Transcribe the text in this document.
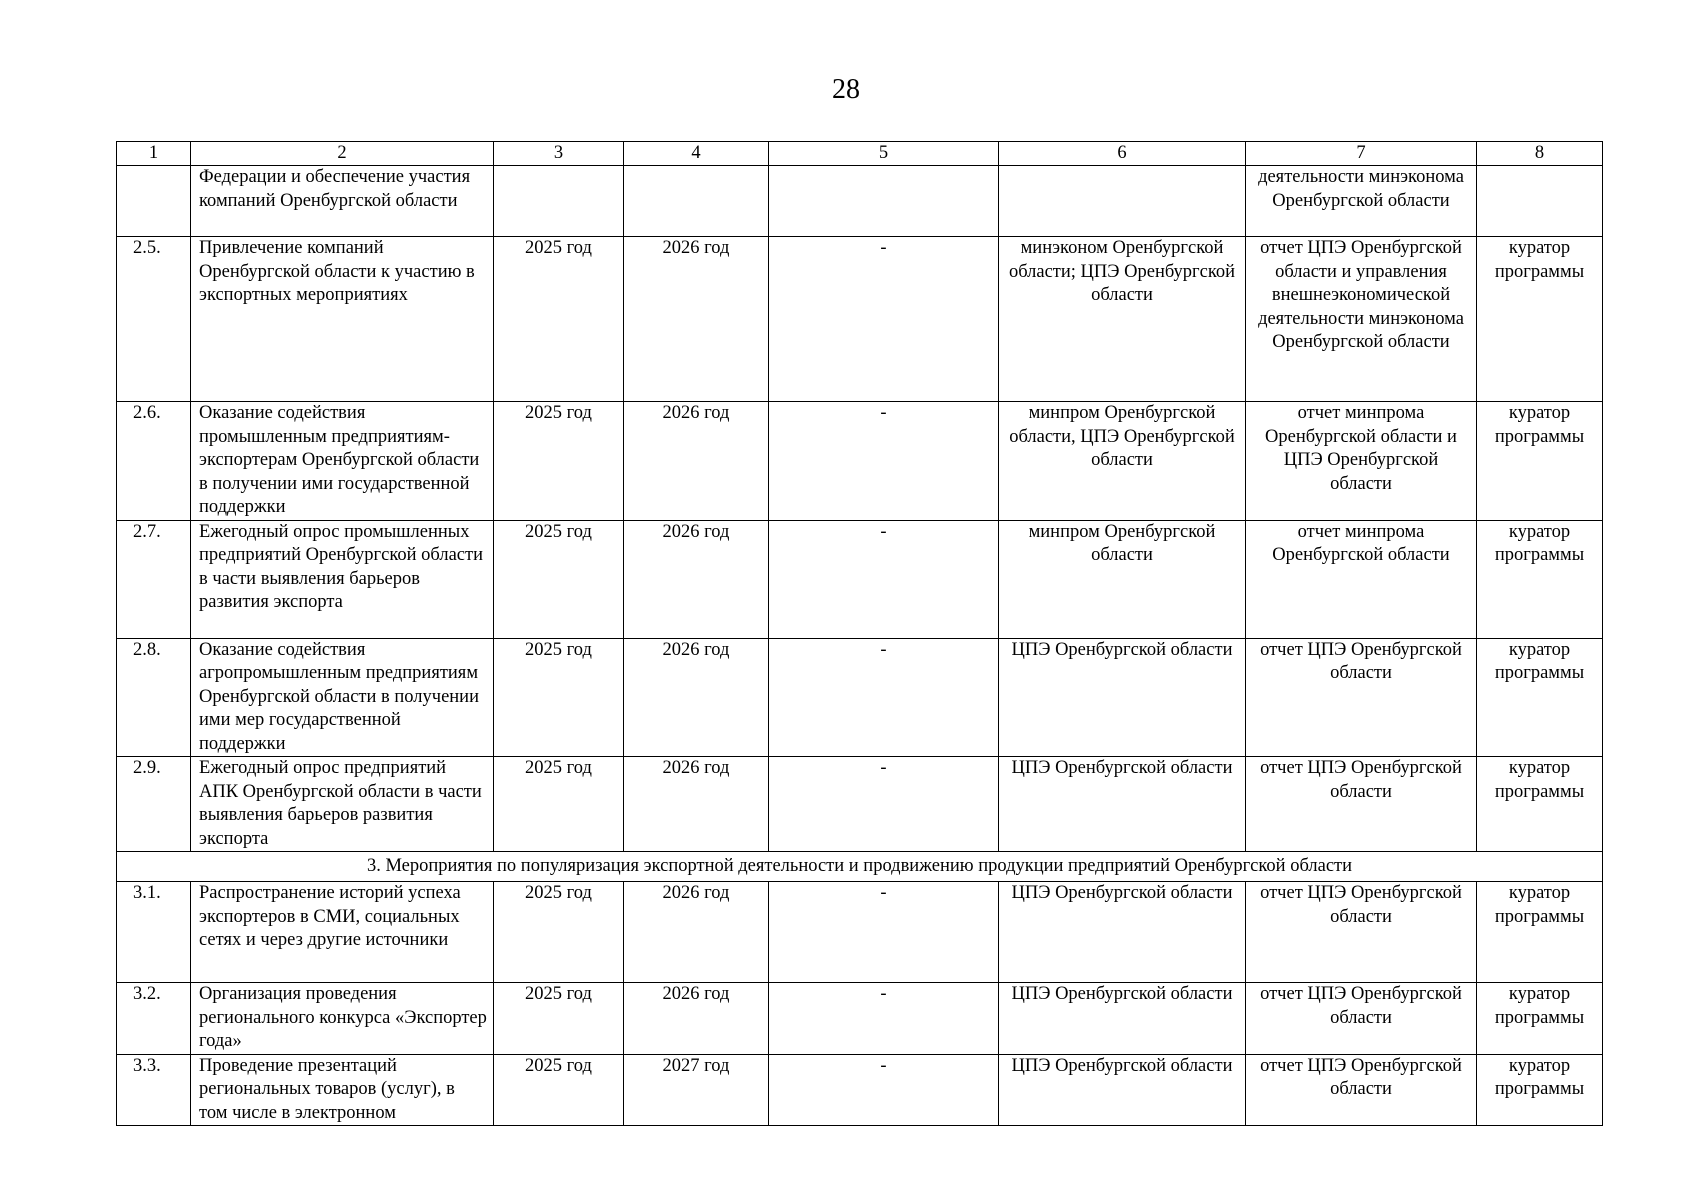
28
1	2	3	4	5	6	7	8
	Федерации и обеспечение участия компаний Оренбургской области					деятельности минэконома Оренбургской области	
2.5.	Привлечение компаний Оренбургской области к участию в экспортных мероприятиях	2025 год	2026 год	-	минэконом Оренбургской области; ЦПЭ Оренбургской области	отчет ЦПЭ Оренбургской области и управления внешнеэкономической деятельности минэконома Оренбургской области	куратор программы
2.6.	Оказание содействия промышленным предприятиям-экспортерам Оренбургской области в получении ими государственной поддержки	2025 год	2026 год	-	минпром Оренбургской области, ЦПЭ Оренбургской области	отчет минпрома Оренбургской области и ЦПЭ Оренбургской области	куратор программы
2.7.	Ежегодный опрос промышленных предприятий Оренбургской области в части выявления барьеров развития экспорта	2025 год	2026 год	-	минпром Оренбургской области	отчет минпрома Оренбургской области	куратор программы
2.8.	Оказание содействия агропромышленным предприятиям Оренбургской области в получении ими мер государственной поддержки	2025 год	2026 год	-	ЦПЭ Оренбургской области	отчет ЦПЭ Оренбургской области	куратор программы
2.9.	Ежегодный опрос предприятий АПК Оренбургской области в части выявления барьеров развития экспорта	2025 год	2026 год	-	ЦПЭ Оренбургской области	отчет ЦПЭ Оренбургской области	куратор программы
3. Мероприятия по популяризация экспортной деятельности и продвижению продукции предприятий Оренбургской области							
3.1.	Распространение историй успеха экспортеров в СМИ, социальных сетях и через другие источники	2025 год	2026 год	-	ЦПЭ Оренбургской области	отчет ЦПЭ Оренбургской области	куратор программы
3.2.	Организация проведения регионального конкурса «Экспортер года»	2025 год	2026 год	-	ЦПЭ Оренбургской области	отчет ЦПЭ Оренбургской области	куратор программы
3.3.	Проведение презентаций региональных товаров (услуг), в том числе в электронном	2025 год	2027 год	-	ЦПЭ Оренбургской области	отчет ЦПЭ Оренбургской области	куратор программы
